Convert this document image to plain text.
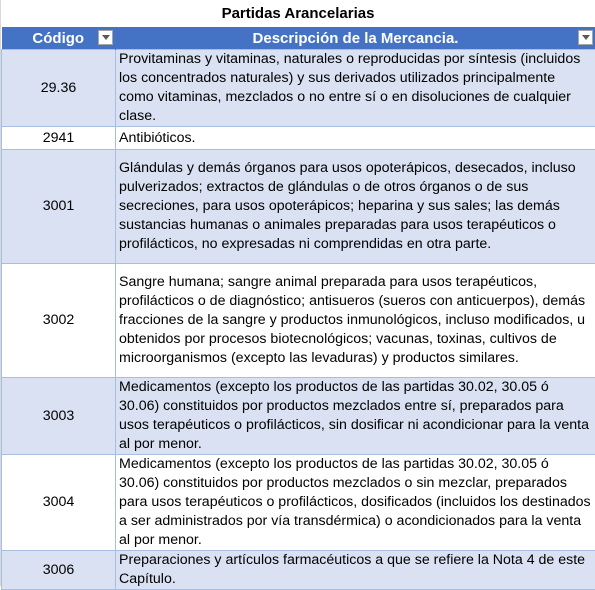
Partidas Arancelarias
Código	Descripción de la Mercancia.

29.36	Provitaminas y vitaminas, naturales o reproducidas por síntesis (incluidos los concentrados naturales) y sus derivados utilizados principalmente como vitaminas, mezclados o no entre sí o en disoluciones de cualquier clase.
2941	Antibióticos.
3001	Glándulas y demás órganos para usos opoterápicos, desecados, incluso pulverizados; extractos de glándulas o de otros órganos o de sus secreciones, para usos opoterápicos; heparina y sus sales; las demás sustancias humanas o animales preparadas para usos terapéuticos o profilácticos, no expresadas ni comprendidas en otra parte.
3002	Sangre humana; sangre animal preparada para usos terapéuticos, profilácticos o de diagnóstico; antisueros (sueros con anticuerpos), demás fracciones de la sangre y productos inmunológicos, incluso modificados, u obtenidos por procesos biotecnológicos; vacunas, toxinas, cultivos de microorganismos (excepto las levaduras) y productos similares.
3003	Medicamentos (excepto los productos de las partidas 30.02, 30.05 ó 30.06) constituidos por productos mezclados entre sí, preparados para usos terapéuticos o profilácticos, sin dosificar ni acondicionar para la venta al por menor.
3004	Medicamentos (excepto los productos de las partidas 30.02, 30.05 ó 30.06) constituidos por productos mezclados o sin mezclar, preparados para usos terapéuticos o profilácticos, dosificados (incluidos los destinados a ser administrados por vía transdérmica) o acondicionados para la venta al por menor.
3006	Preparaciones y artículos farmacéuticos a que se refiere la Nota 4 de este Capítulo.
